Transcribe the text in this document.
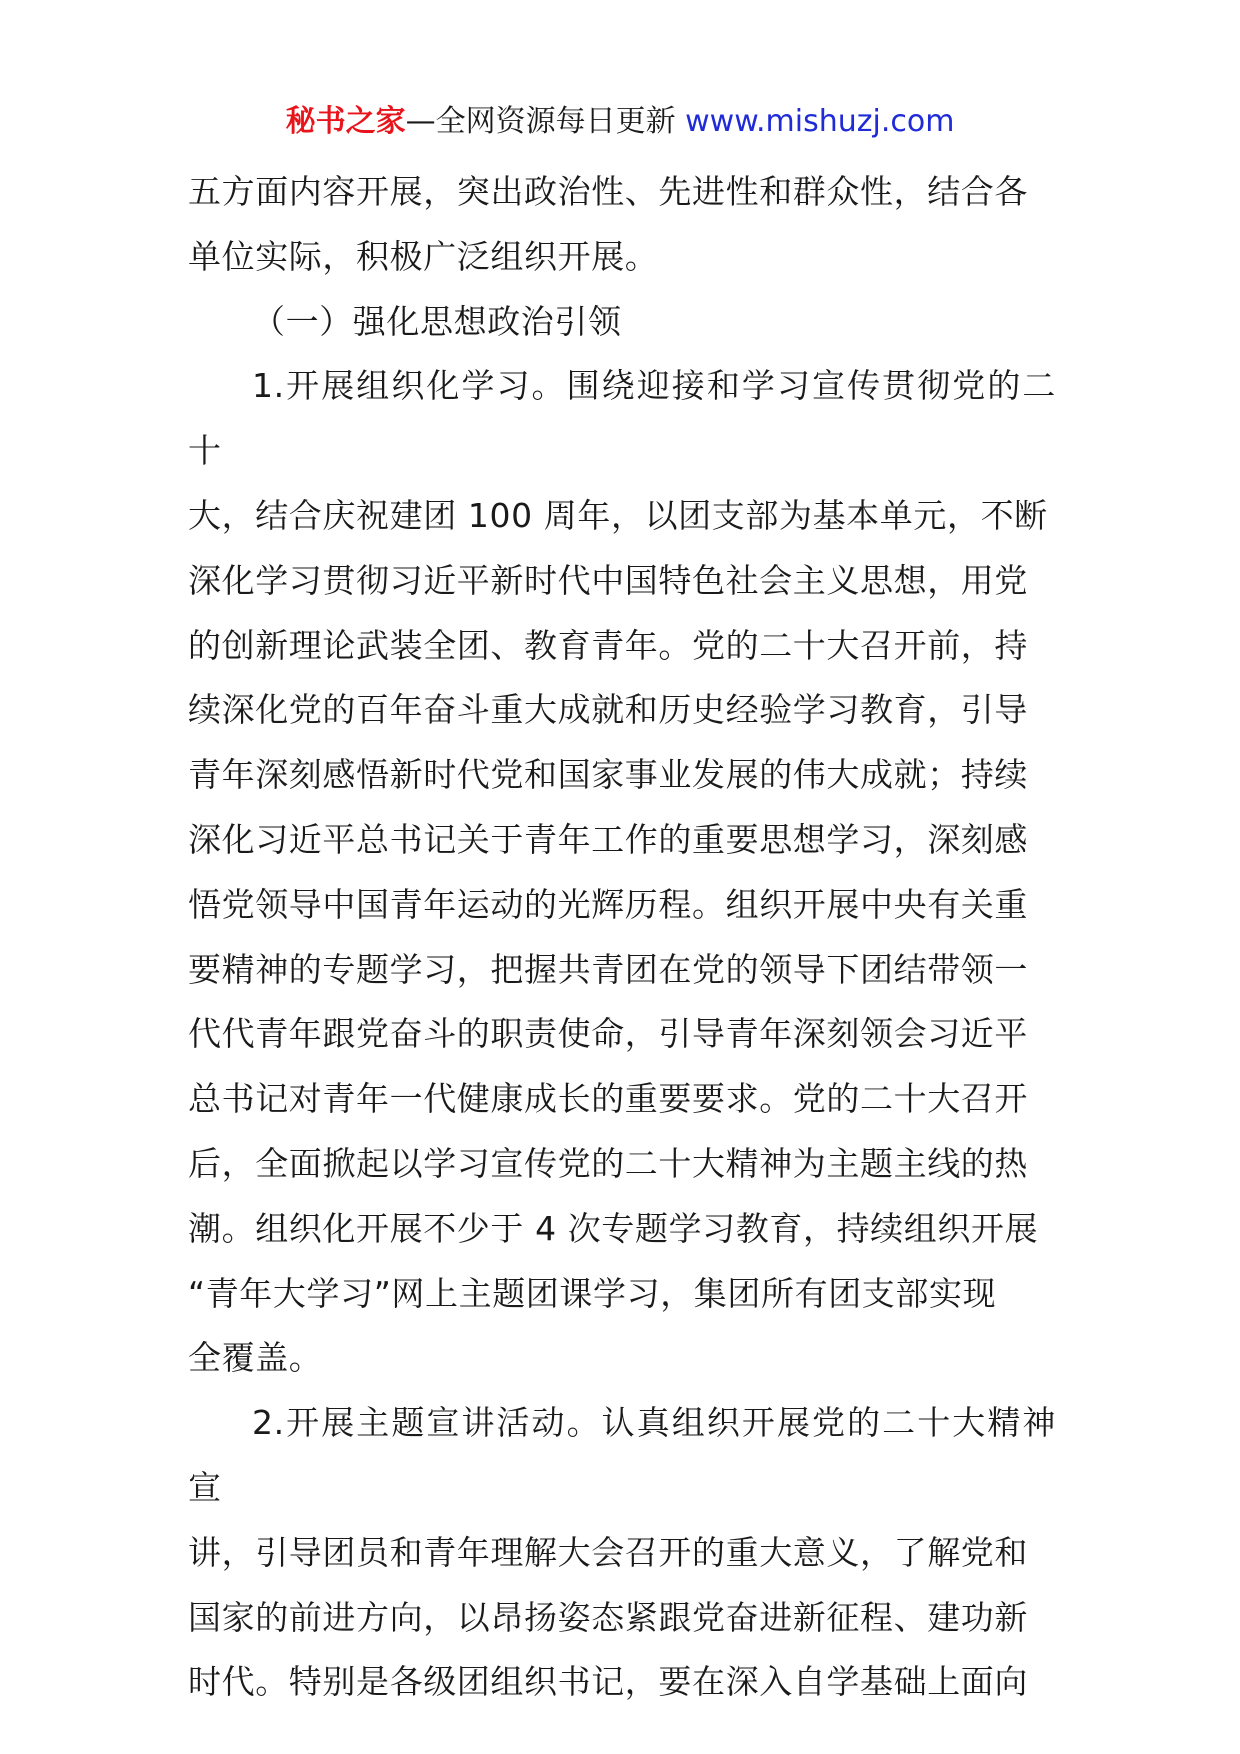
秘书之家—全网资源每日更新 www.mishuzj.com

五方面内容开展，突出政治性、先进性和群众性，结合各
单位实际，积极广泛组织开展。

（一）强化思想政治引领

1.开展组织化学习。围绕迎接和学习宣传贯彻党的二十
大，结合庆祝建团 100 周年，以团支部为基本单元，不断
深化学习贯彻习近平新时代中国特色社会主义思想，用党
的创新理论武装全团、教育青年。党的二十大召开前，持
续深化党的百年奋斗重大成就和历史经验学习教育，引导
青年深刻感悟新时代党和国家事业发展的伟大成就；持续
深化习近平总书记关于青年工作的重要思想学习，深刻感
悟党领导中国青年运动的光辉历程。组织开展中央有关重
要精神的专题学习，把握共青团在党的领导下团结带领一
代代青年跟党奋斗的职责使命，引导青年深刻领会习近平
总书记对青年一代健康成长的重要要求。党的二十大召开
后，全面掀起以学习宣传党的二十大精神为主题主线的热
潮。组织化开展不少于 4 次专题学习教育，持续组织开展
“青年大学习”网上主题团课学习，集团所有团支部实现
全覆盖。

2.开展主题宣讲活动。认真组织开展党的二十大精神宣
讲，引导团员和青年理解大会召开的重大意义，了解党和
国家的前进方向，以昂扬姿态紧跟党奋进新征程、建功新
时代。特别是各级团组织书记，要在深入自学基础上面向
